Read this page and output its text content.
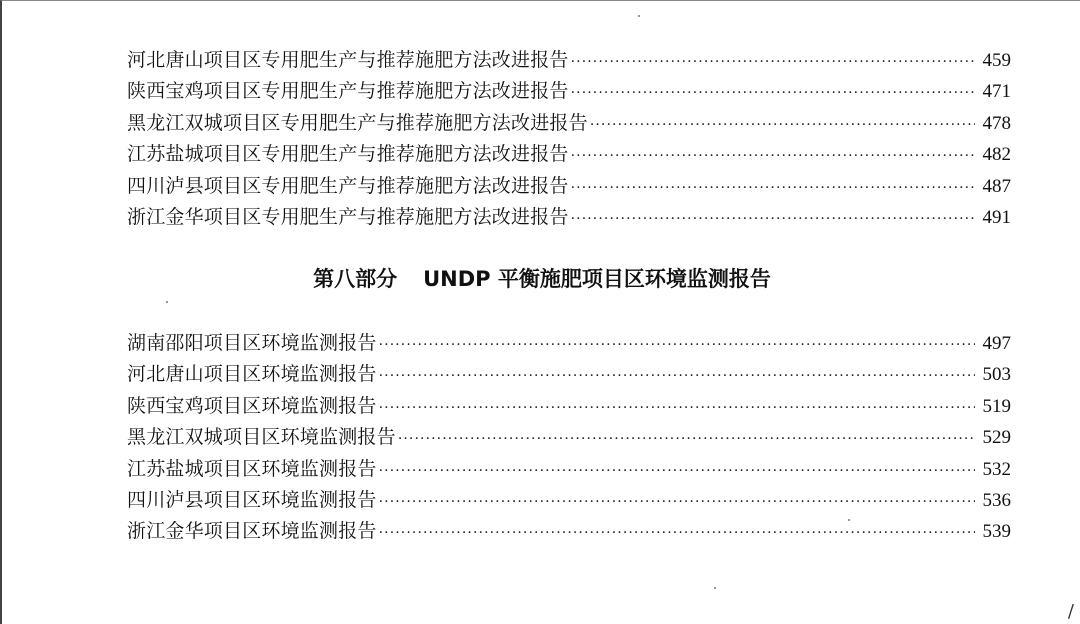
河北唐山项目区专用肥生产与推荐施肥方法改进报告 ·····	459
陕西宝鸡项目区专用肥生产与推荐施肥方法改进报告 ·····	471
黑龙江双城项目区专用肥生产与推荐施肥方法改进报告 ·····	478
江苏盐城项目区专用肥生产与推荐施肥方法改进报告 ·····	482
四川泸县项目区专用肥生产与推荐施肥方法改进报告 ·····	487
浙江金华项目区专用肥生产与推荐施肥方法改进报告 ·····	491
第八部分 UNDP 平衡施肥项目区环境监测报告
湖南邵阳项目区环境监测报告 ·····	497
河北唐山项目区环境监测报告 ·····	503
陕西宝鸡项目区环境监测报告 ·····	519
黑龙江双城项目区环境监测报告 ·····	529
江苏盐城项目区环境监测报告 ·····	532
四川泸县项目区环境监测报告 ·····	536
浙江金华项目区环境监测报告 ·····	539
/
